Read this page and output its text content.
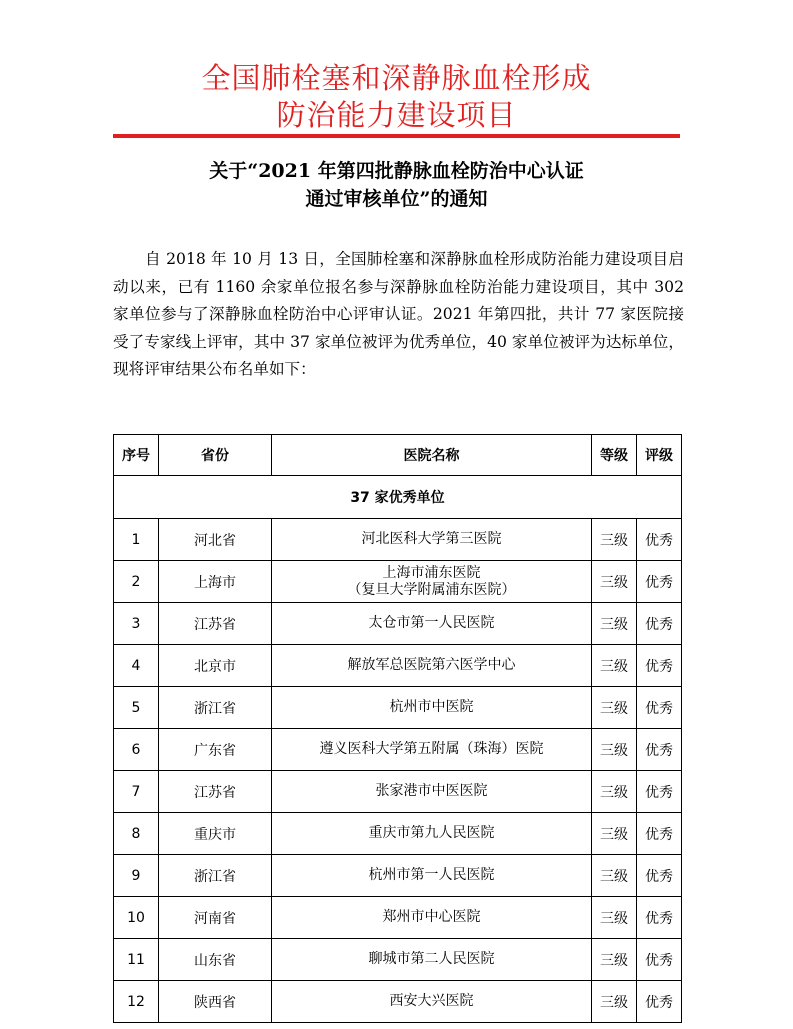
全国肺栓塞和深静脉血栓形成
防治能力建设项目
关于“2021 年第四批静脉血栓防治中心认证
通过审核单位”的通知
自 2018 年 10 月 13 日，全国肺栓塞和深静脉血栓形成防治能力建设项目启动以来，已有 1160 余家单位报名参与深静脉血栓防治能力建设项目，其中 302 家单位参与了深静脉血栓防治中心评审认证。2021 年第四批，共计 77 家医院接受了专家线上评审，其中 37 家单位被评为优秀单位，40 家单位被评为达标单位，现将评审结果公布名单如下：
序号	省份	医院名称	等级	评级
37 家优秀单位				
1	河北省	河北医科大学第三医院	三级	优秀
2	上海市	上海市浦东医院
（复旦大学附属浦东医院）	三级	优秀
3	江苏省	太仓市第一人民医院	三级	优秀
4	北京市	解放军总医院第六医学中心	三级	优秀
5	浙江省	杭州市中医院	三级	优秀
6	广东省	遵义医科大学第五附属（珠海）医院	三级	优秀
7	江苏省	张家港市中医医院	三级	优秀
8	重庆市	重庆市第九人民医院	三级	优秀
9	浙江省	杭州市第一人民医院	三级	优秀
10	河南省	郑州市中心医院	三级	优秀
11	山东省	聊城市第二人民医院	三级	优秀
12	陕西省	西安大兴医院	三级	优秀
